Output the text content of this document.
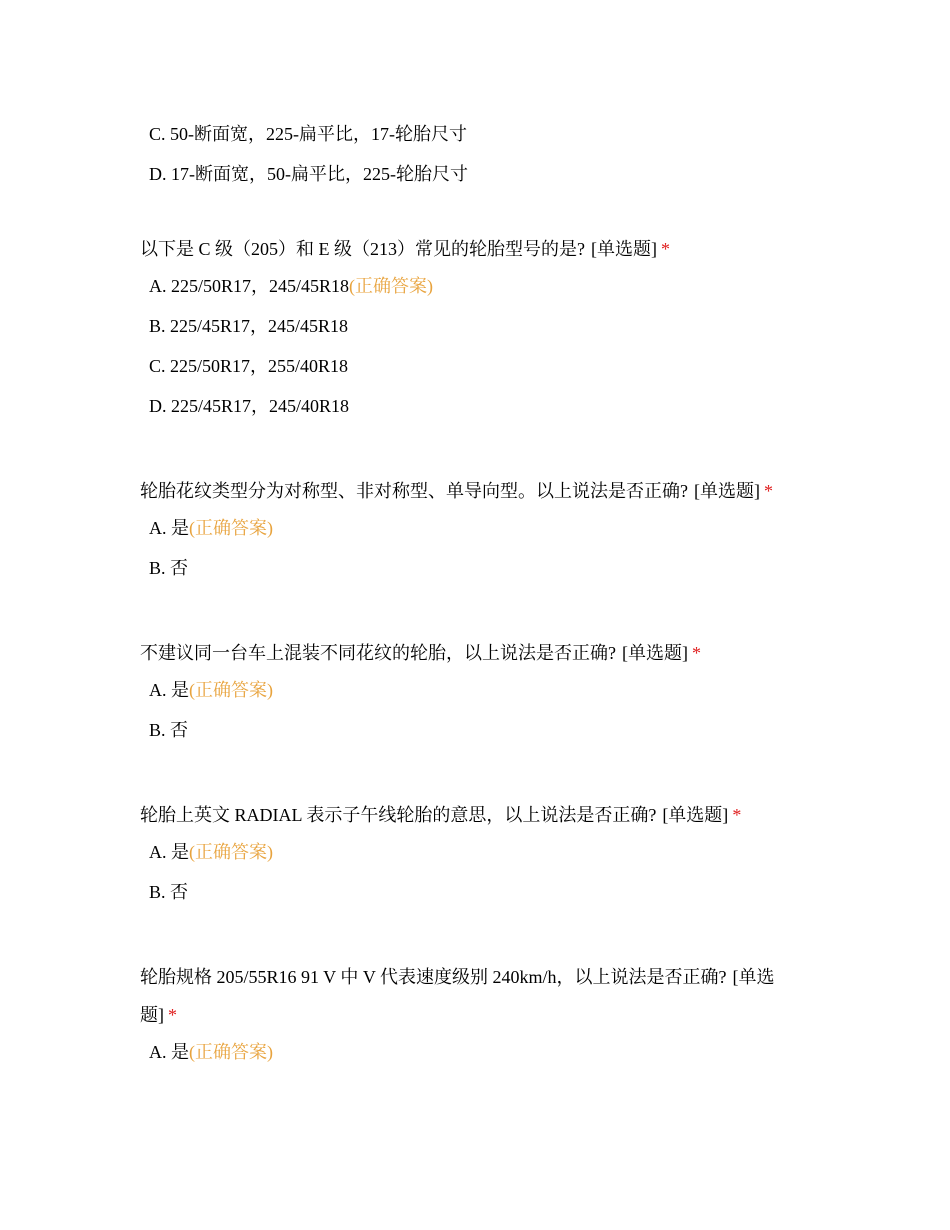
C. 50-断面宽，225-扁平比，17-轮胎尺寸
D. 17-断面宽，50-扁平比，225-轮胎尺寸

以下是 C 级（205）和 E 级（213）常见的轮胎型号的是? [单选题] *

A. 225/50R17，245/45R18(正确答案)
B. 225/45R17，245/45R18
C. 225/50R17，255/40R18
D. 225/45R17，245/40R18

轮胎花纹类型分为对称型、非对称型、单导向型。以上说法是否正确? [单选题] *

A. 是(正确答案)
B. 否

不建议同一台车上混装不同花纹的轮胎，以上说法是否正确? [单选题] *

A. 是(正确答案)
B. 否

轮胎上英文 RADIAL 表示子午线轮胎的意思，以上说法是否正确? [单选题] *

A. 是(正确答案)
B. 否

轮胎规格 205/55R16 91 V 中 V 代表速度级别 240km/h，以上说法是否正确? [单选题] *

A. 是(正确答案)
